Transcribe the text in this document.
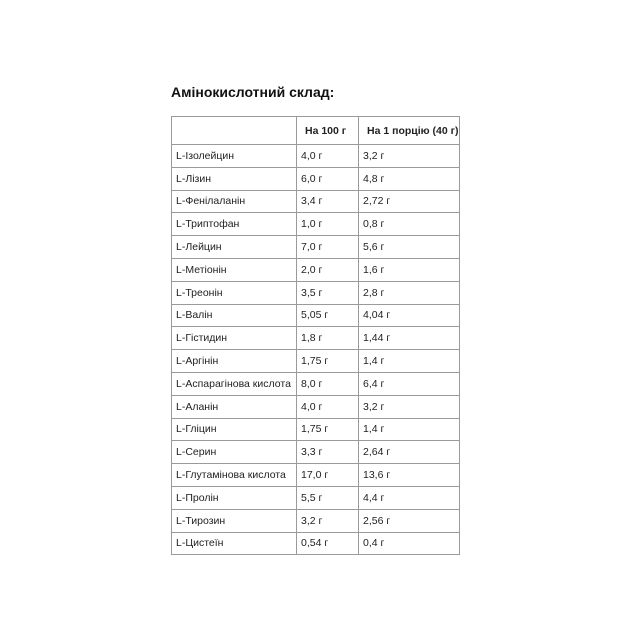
Амінокислотний склад:

	На 100 г	На 1 порцію (40 г)

L-Ізолейцин	4,0 г	3,2 г
L-Лізин	6,0 г	4,8 г
L-Фенілаланін	3,4 г	2,72 г
L-Триптофан	1,0 г	0,8 г
L-Лейцин	7,0 г	5,6 г
L-Метіонін	2,0 г	1,6 г
L-Треонін	3,5 г	2,8 г
L-Валін	5,05 г	4,04 г
L-Гістидин	1,8 г	1,44 г
L-Аргінін	1,75 г	1,4 г
L-Аспарагінова кислота	8,0 г	6,4 г
L-Аланін	4,0 г	3,2 г
L-Гліцин	1,75 г	1,4 г
L-Серин	3,3 г	2,64 г
L-Глутамінова кислота	17,0 г	13,6 г
L-Пролін	5,5 г	4,4 г
L-Тирозин	3,2 г	2,56 г
L-Цистеїн	0,54 г	0,4 г
